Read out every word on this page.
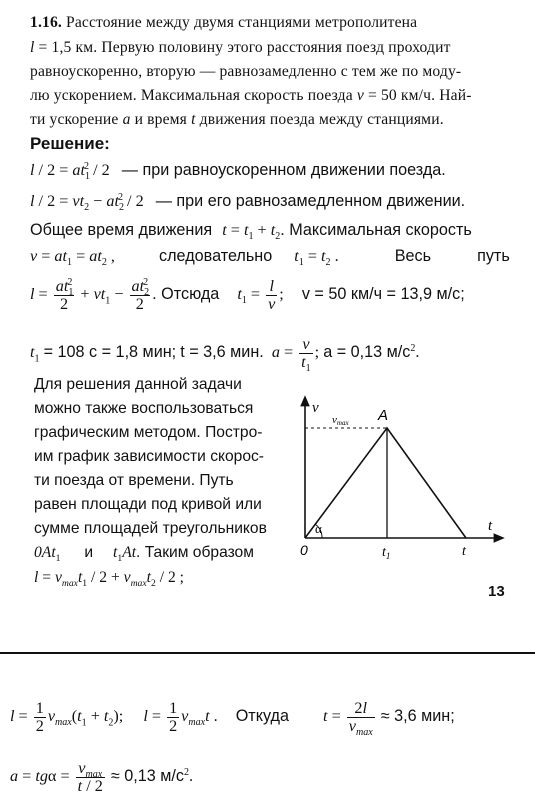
1.16. Расстояние между двумя станциями метрополитена
l = 1,5 км. Первую половину этого расстояния поезд проходит
равноускоренно, вторую — равнозамедленно с тем же по моду-
лю ускорением. Максимальная скорость поезда v = 50 км/ч. Най-
ти ускорение a и время t движения поезда между станциями.
Решение:
$l / 2 = at_1^2 / 2$ — при равноускоренном движении поезда.
$l / 2 = vt_2 - at_2^2 / 2$ — при его равнозамедленном движении.
Общее время движения $t = t_1 + t_2$. Максимальная скорость
$v = at_1 = at_2$ , следовательно $t_1 = t_2$ .	Весь	путь
$l = \frac{at_1^2}{2} + vt_1 - \frac{at_2^2}{2}$ . Отсюда $t_1 = \frac{l}{v}$ ; v = 50 км/ч = 13,9 м/с;
$t_1 = 108$ с = 1,8 мин; t = 3,6 мин. $a = \frac{v}{t_1}$ ; a = 0,13 $м/с^2$.
Для решения данной задачи
можно также воспользоваться
графическим методом. Постро-
им график зависимости скорос-
ти поезда от времени. Путь
равен площади под кривой или
сумме площадей треугольников
$0At_1$ и $t_1At$. Таким образом
$l = v_{max}t_1 / 2 + v_{max}t_2 / 2$ ;
v
vmax A
α	t
0	$t_1$	t
13
$l = \frac{1}{2} v_{max}(t_1 + t_2)$; $l = \frac{1}{2} v_{max}t$ . Откуда $t = \frac{2l}{v_{max}} \approx 3,6$ мин;
$a = tg\alpha = \frac{v_{max}}{t / 2} \approx 0,13$ $м/с^2$.
